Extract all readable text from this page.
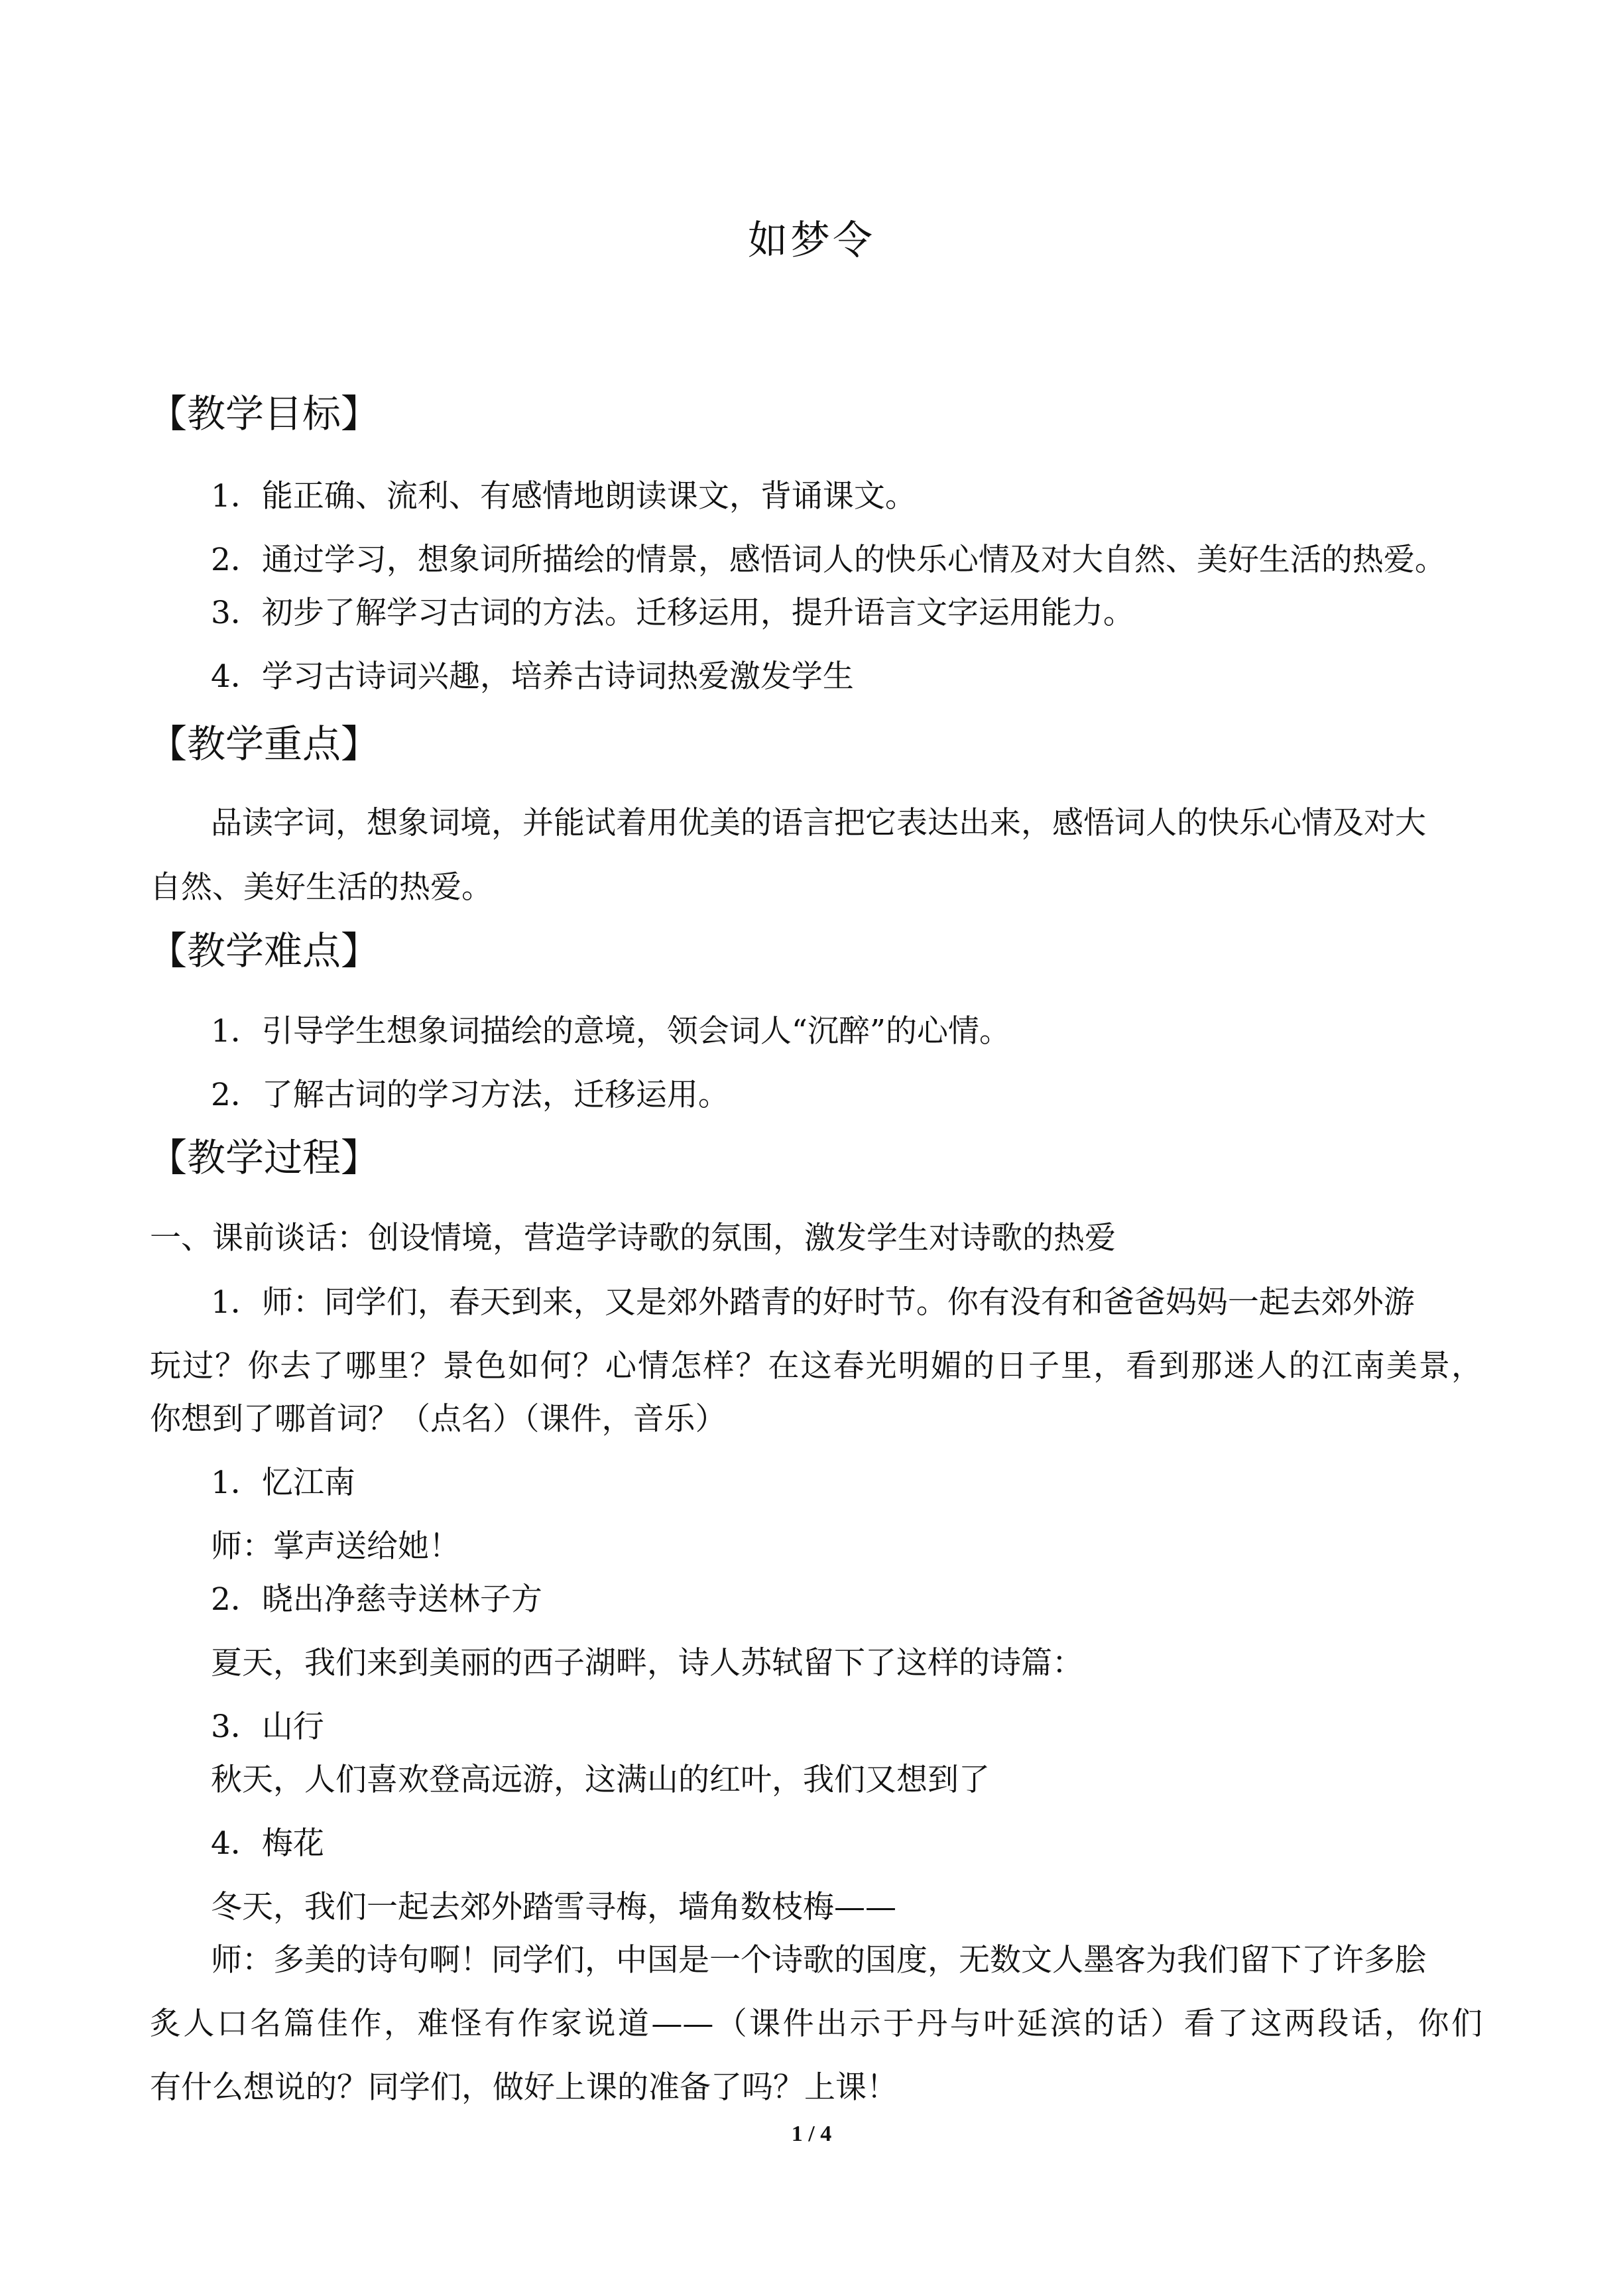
如梦令
【教学目标】
1．能正确、流利、有感情地朗读课文，背诵课文。
2．通过学习，想象词所描绘的情景，感悟词人的快乐心情及对大自然、美好生活的热爱。
3．初步了解学习古词的方法。迁移运用，提升语言文字运用能力。
4．学习古诗词兴趣，培养古诗词热爱激发学生
【教学重点】
品读字词，想象词境，并能试着用优美的语言把它表达出来，感悟词人的快乐心情及对大
自然、美好生活的热爱。
【教学难点】
1．引导学生想象词描绘的意境，领会词人“沉醉”的心情。
2．了解古词的学习方法，迁移运用。
【教学过程】
一、课前谈话：创设情境，营造学诗歌的氛围，激发学生对诗歌的热爱
1．师：同学们，春天到来，又是郊外踏青的好时节。你有没有和爸爸妈妈一起去郊外游
玩过？你去了哪里？景色如何？心情怎样？在这春光明媚的日子里，看到那迷人的江南美景，
你想到了哪首词？（点名）（课件，音乐）
1．忆江南
师：掌声送给她！
2．晓出净慈寺送林子方
夏天，我们来到美丽的西子湖畔，诗人苏轼留下了这样的诗篇：
3．山行
秋天，人们喜欢登高远游，这满山的红叶，我们又想到了
4．梅花
冬天，我们一起去郊外踏雪寻梅，墙角数枝梅——
师：多美的诗句啊！同学们，中国是一个诗歌的国度，无数文人墨客为我们留下了许多脍
炙人口名篇佳作，难怪有作家说道——（课件出示于丹与叶延滨的话）看了这两段话，你们
有什么想说的？同学们，做好上课的准备了吗？上课！
1 / 4
